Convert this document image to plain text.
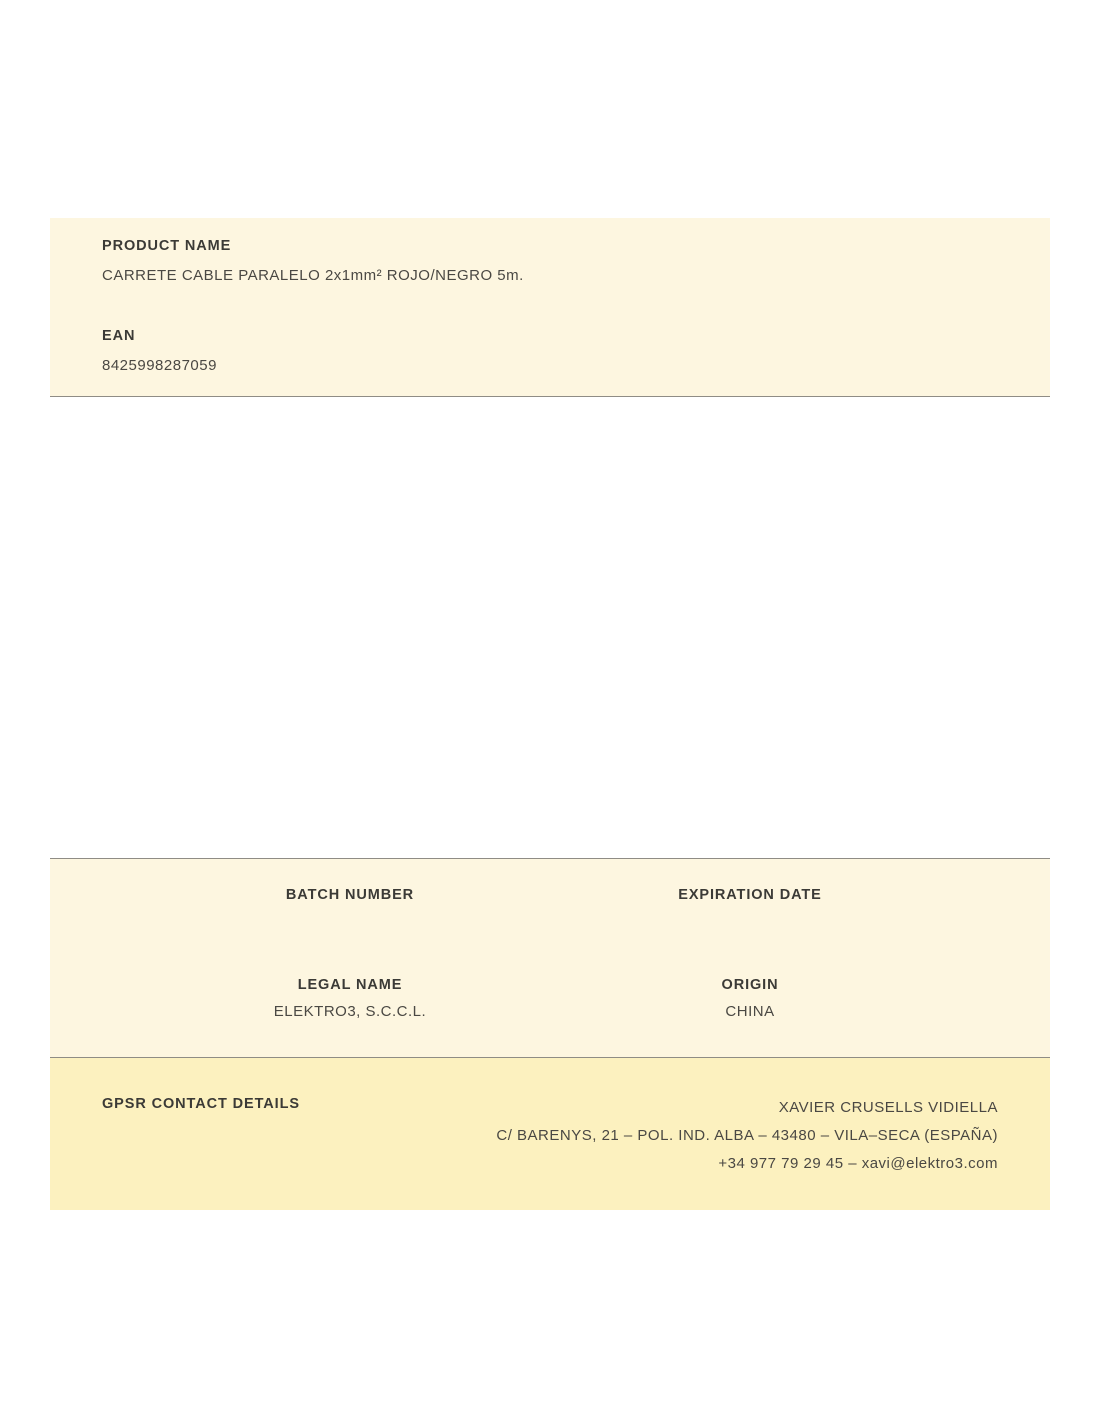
PRODUCT NAME
CARRETE CABLE PARALELO 2x1mm² ROJO/NEGRO 5m.
EAN
8425998287059
BATCH NUMBER	EXPIRATION DATE
LEGAL NAME
ELEKTRO3, S.C.C.L.
ORIGIN
CHINA
GPSR CONTACT DETAILS	XAVIER CRUSELLS VIDIELLA
C/ BARENYS, 21 – POL. IND. ALBA – 43480 – VILA–SECA (ESPAÑA)
+34 977 79 29 45 – xavi@elektro3.com
